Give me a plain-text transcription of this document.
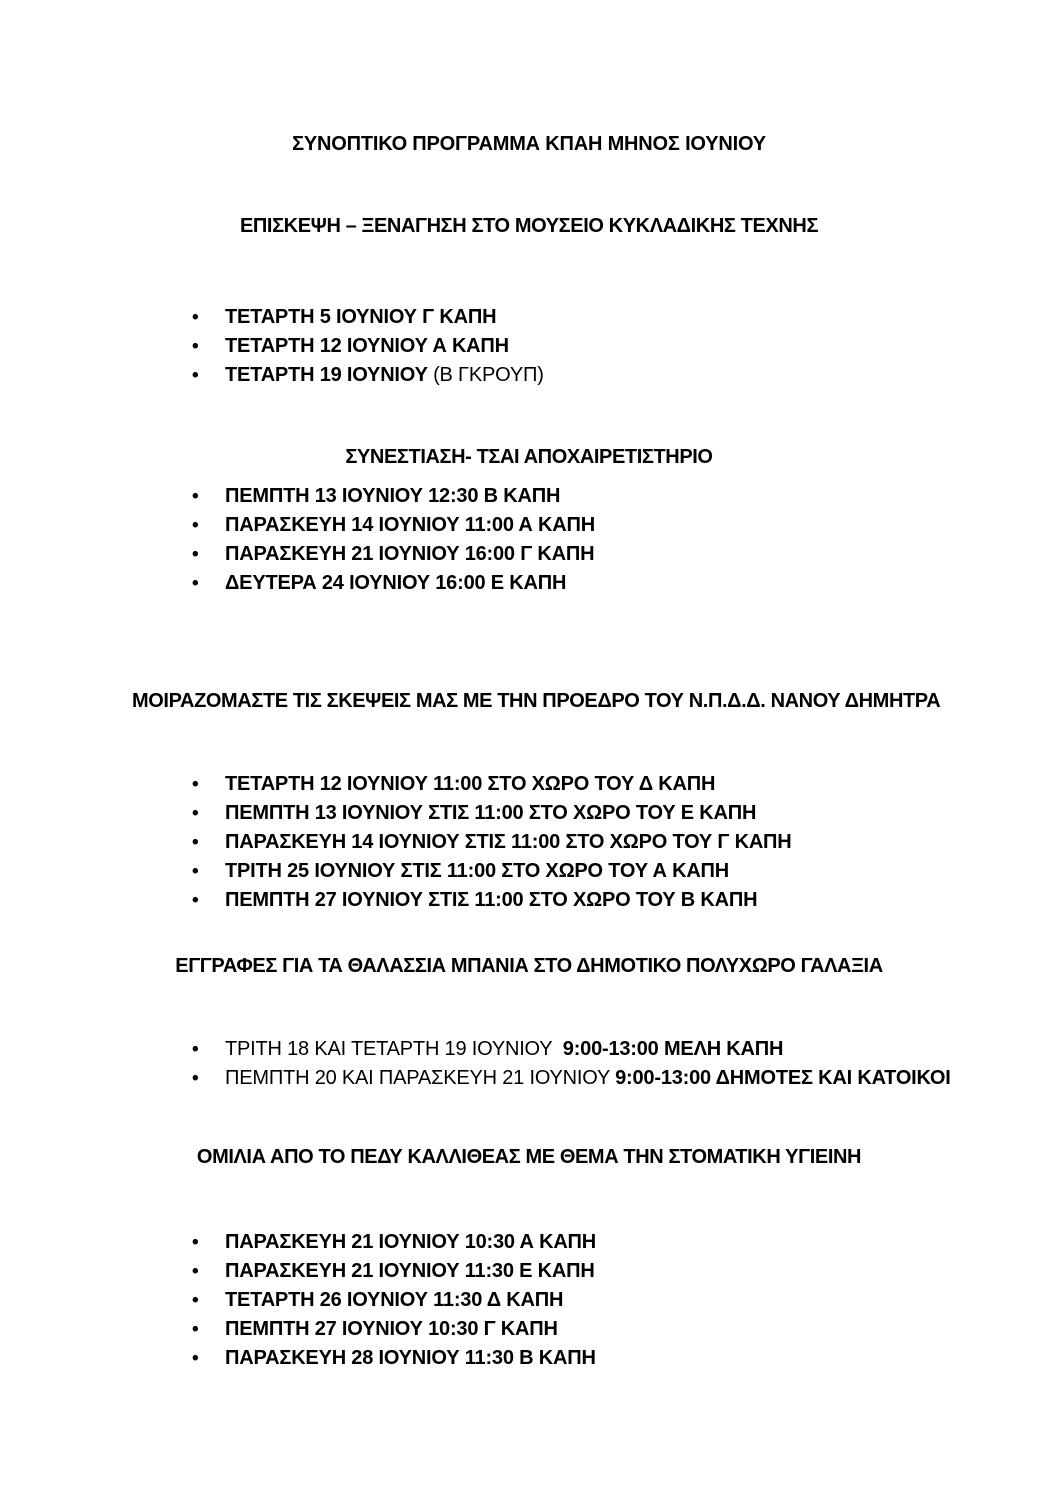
ΣΥΝΟΠΤΙΚΟ ΠΡΟΓΡΑΜΜΑ ΚΠΑΗ ΜΗΝΟΣ ΙΟΥΝΙΟΥ
ΕΠΙΣΚΕΨΗ – ΞΕΝΑΓΗΣΗ ΣΤΟ ΜΟΥΣΕΙΟ ΚΥΚΛΑΔΙΚΗΣ ΤΕΧΝΗΣ
• ΤΕΤΑΡΤΗ 5 ΙΟΥΝΙΟΥ Γ ΚΑΠΗ
• ΤΕΤΑΡΤΗ 12 ΙΟΥΝΙΟΥ Α ΚΑΠΗ
• ΤΕΤΑΡΤΗ 19 ΙΟΥΝΙΟΥ (Β ΓΚΡΟΥΠ)
ΣΥΝΕΣΤΙΑΣΗ- ΤΣΑΙ ΑΠΟΧΑΙΡΕΤΙΣΤΗΡΙΟ
• ΠΕΜΠΤΗ 13 ΙΟΥΝΙΟΥ 12:30 Β ΚΑΠΗ
• ΠΑΡΑΣΚΕΥΗ 14 ΙΟΥΝΙΟΥ 11:00 Α ΚΑΠΗ
• ΠΑΡΑΣΚΕΥΗ 21 ΙΟΥΝΙΟΥ 16:00 Γ ΚΑΠΗ
• ΔΕΥΤΕΡΑ 24 ΙΟΥΝΙΟΥ 16:00 Ε ΚΑΠΗ
ΜΟΙΡΑΖΟΜΑΣΤΕ ΤΙΣ ΣΚΕΨΕΙΣ ΜΑΣ ΜΕ ΤΗΝ ΠΡΟΕΔΡΟ ΤΟΥ Ν.Π.Δ.Δ. ΝΑΝΟΥ ΔΗΜΗΤΡΑ
• ΤΕΤΑΡΤΗ 12 ΙΟΥΝΙΟΥ 11:00 ΣΤΟ ΧΩΡΟ ΤΟΥ Δ ΚΑΠΗ
• ΠΕΜΠΤΗ 13 ΙΟΥΝΙΟΥ ΣΤΙΣ 11:00 ΣΤΟ ΧΩΡΟ ΤΟΥ Ε ΚΑΠΗ
• ΠΑΡΑΣΚΕΥΗ 14 ΙΟΥΝΙΟΥ ΣΤΙΣ 11:00 ΣΤΟ ΧΩΡΟ ΤΟΥ Γ ΚΑΠΗ
• ΤΡΙΤΗ 25 ΙΟΥΝΙΟΥ ΣΤΙΣ 11:00 ΣΤΟ ΧΩΡΟ ΤΟΥ Α ΚΑΠΗ
• ΠΕΜΠΤΗ 27 ΙΟΥΝΙΟΥ ΣΤΙΣ 11:00 ΣΤΟ ΧΩΡΟ ΤΟΥ Β ΚΑΠΗ
ΕΓΓΡΑΦΕΣ ΓΙΑ ΤΑ ΘΑΛΑΣΣΙΑ ΜΠΑΝΙΑ ΣΤΟ ΔΗΜΟΤΙΚΟ ΠΟΛΥΧΩΡΟ ΓΑΛΑΞΙΑ
• ΤΡΙΤΗ 18 ΚΑΙ ΤΕΤΑΡΤΗ 19 ΙΟΥΝΙΟΥ  9:00-13:00 ΜΕΛΗ ΚΑΠΗ
• ΠΕΜΠΤΗ 20 ΚΑΙ ΠΑΡΑΣΚΕΥΗ 21 ΙΟΥΝΙΟΥ 9:00-13:00 ΔΗΜΟΤΕΣ ΚΑΙ ΚΑΤΟΙΚΟΙ
ΟΜΙΛΙΑ ΑΠΟ ΤΟ ΠΕΔΥ ΚΑΛΛΙΘΕΑΣ ΜΕ ΘΕΜΑ ΤΗΝ ΣΤΟΜΑΤΙΚΗ ΥΓΙΕΙΝΗ
• ΠΑΡΑΣΚΕΥΗ 21 ΙΟΥΝΙΟΥ 10:30 Α ΚΑΠΗ
• ΠΑΡΑΣΚΕΥΗ 21 ΙΟΥΝΙΟΥ 11:30 Ε ΚΑΠΗ
• ΤΕΤΑΡΤΗ 26 ΙΟΥΝΙΟΥ 11:30 Δ ΚΑΠΗ
• ΠΕΜΠΤΗ 27 ΙΟΥΝΙΟΥ 10:30 Γ ΚΑΠΗ
• ΠΑΡΑΣΚΕΥΗ 28 ΙΟΥΝΙΟΥ 11:30 Β ΚΑΠΗ
